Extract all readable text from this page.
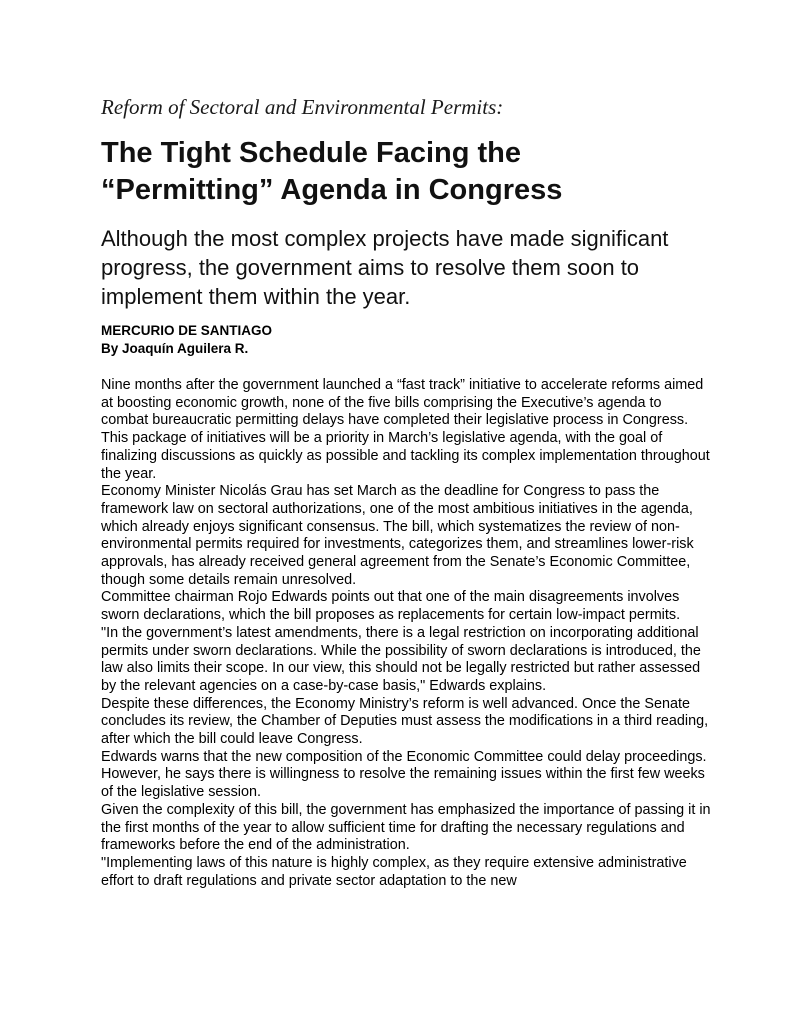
Reform of Sectoral and Environmental Permits:

The Tight Schedule Facing the
“Permitting” Agenda in Congress

Although the most complex projects have made significant progress, the government aims to resolve them soon to implement them within the year.

MERCURIO DE SANTIAGO
By Joaquín Aguilera R.

Nine months after the government launched a “fast track” initiative to accelerate reforms aimed at boosting economic growth, none of the five bills comprising the Executive’s agenda to combat bureaucratic permitting delays have completed their legislative process in Congress. This package of initiatives will be a priority in March’s legislative agenda, with the goal of finalizing discussions as quickly as possible and tackling its complex implementation throughout the year.

Economy Minister Nicolás Grau has set March as the deadline for Congress to pass the framework law on sectoral authorizations, one of the most ambitious initiatives in the agenda, which already enjoys significant consensus. The bill, which systematizes the review of non-environmental permits required for investments, categorizes them, and streamlines lower-risk approvals, has already received general agreement from the Senate’s Economic Committee, though some details remain unresolved.

Committee chairman Rojo Edwards points out that one of the main disagreements involves sworn declarations, which the bill proposes as replacements for certain low-impact permits.

"In the government’s latest amendments, there is a legal restriction on incorporating additional permits under sworn declarations. While the possibility of sworn declarations is introduced, the law also limits their scope. In our view, this should not be legally restricted but rather assessed by the relevant agencies on a case-by-case basis," Edwards explains.

Despite these differences, the Economy Ministry’s reform is well advanced. Once the Senate concludes its review, the Chamber of Deputies must assess the modifications in a third reading, after which the bill could leave Congress.

Edwards warns that the new composition of the Economic Committee could delay proceedings. However, he says there is willingness to resolve the remaining issues within the first few weeks of the legislative session.

Given the complexity of this bill, the government has emphasized the importance of passing it in the first months of the year to allow sufficient time for drafting the necessary regulations and frameworks before the end of the administration.

"Implementing laws of this nature is highly complex, as they require extensive administrative effort to draft regulations and private sector adaptation to the new
